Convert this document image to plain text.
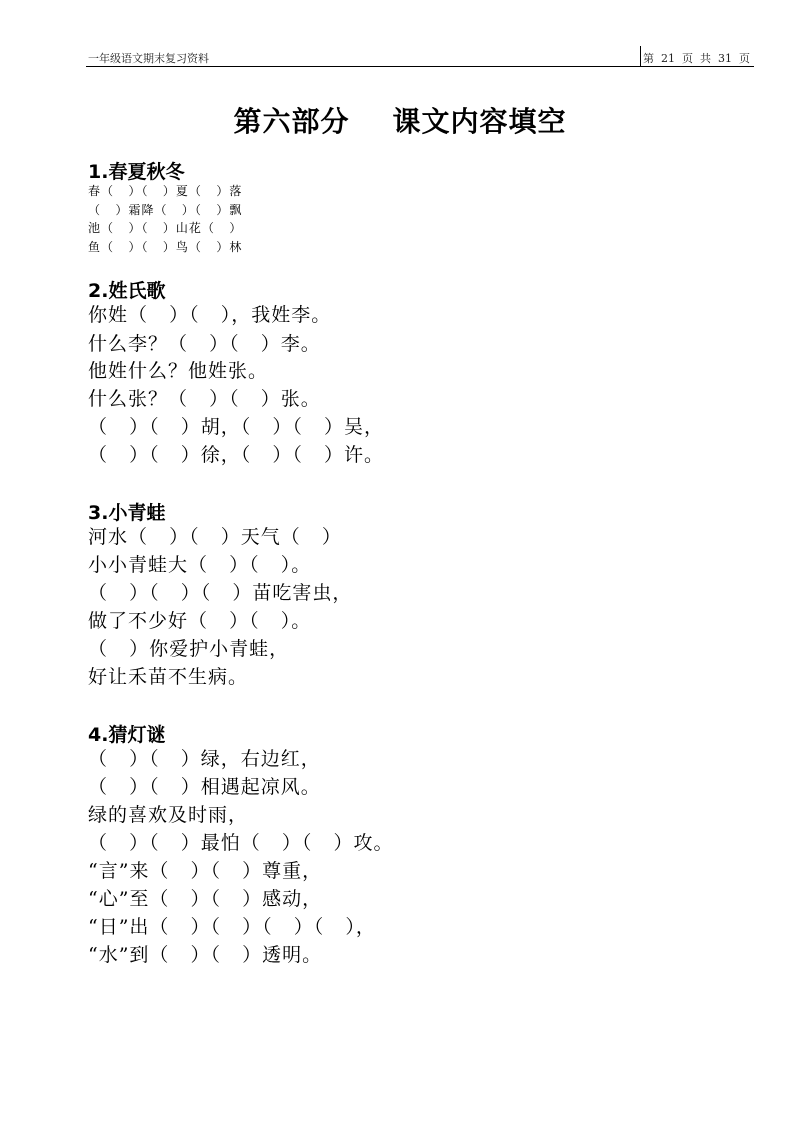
一年级语文期末复习资料	第  21  页  共  31  页
第六部分    课文内容填空
1.春夏秋冬
春（   ）（   ）夏（   ）落
（   ）霜降（   ）（   ）飘
池（   ）（   ）山花（   ）
鱼（   ）（   ）鸟（   ）林
2.姓氏歌
你姓（   ）（   ），我姓李。
什么李？（   ）（   ）李。
他姓什么？他姓张。
什么张？（   ）（   ）张。
（   ）（   ）胡，（   ）（   ）吴，
（   ）（   ）徐，（   ）（   ）许。
3.小青蛙
河水（   ）（   ）天气（   ）
小小青蛙大（   ）（   ）。
（   ）（   ）（   ）苗吃害虫，
做了不少好（   ）（   ）。
（   ）你爱护小青蛙，
好让禾苗不生病。
4.猜灯谜
（   ）（   ）绿，右边红，
（   ）（   ）相遇起凉风。
绿的喜欢及时雨，
（   ）（   ）最怕（   ）（   ）攻。
“言”来（   ）（   ）尊重，
“心”至（   ）（   ）感动，
“日”出（   ）（   ）（   ）（   ），
“水”到（   ）（   ）透明。
